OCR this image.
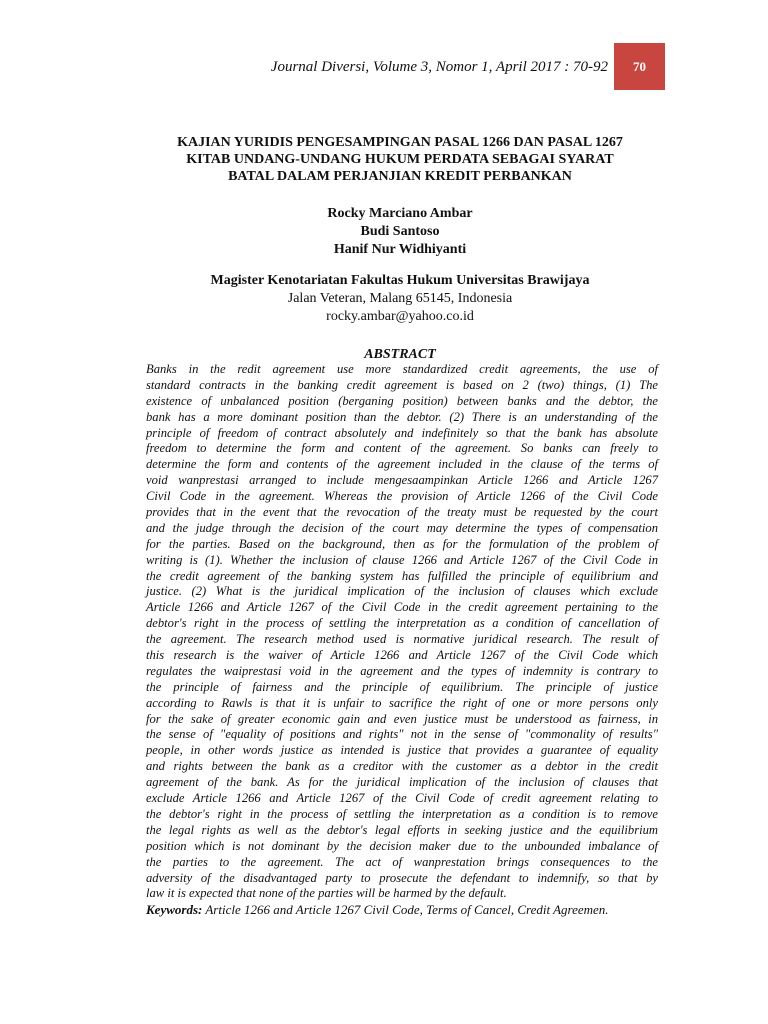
Journal Diversi, Volume 3, Nomor 1, April 2017 : 70-92 70
KAJIAN YURIDIS PENGESAMPINGAN PASAL 1266 DAN PASAL 1267
KITAB UNDANG-UNDANG HUKUM PERDATA SEBAGAI SYARAT
BATAL DALAM PERJANJIAN KREDIT PERBANKAN
Rocky Marciano Ambar
Budi Santoso
Hanif Nur Widhiyanti
Magister Kenotariatan Fakultas Hukum Universitas Brawijaya
Jalan Veteran, Malang 65145, Indonesia
rocky.ambar@yahoo.co.id
ABSTRACT
Banks in the redit agreement use more standardized credit agreements, the use of
standard contracts in the banking credit agreement is based on 2 (two) things, (1) The
existence of unbalanced position (berganing position) between banks and the debtor, the
bank has a more dominant position than the debtor. (2) There is an understanding of the
principle of freedom of contract absolutely and indefinitely so that the bank has absolute
freedom to determine the form and content of the agreement. So banks can freely to
determine the form and contents of the agreement included in the clause of the terms of
void wanprestasi arranged to include mengesaampinkan Article 1266 and Article 1267
Civil Code in the agreement. Whereas the provision of Article 1266 of the Civil Code
provides that in the event that the revocation of the treaty must be requested by the court
and the judge through the decision of the court may determine the types of compensation
for the parties. Based on the background, then as for the formulation of the problem of
writing is (1). Whether the inclusion of clause 1266 and Article 1267 of the Civil Code in
the credit agreement of the banking system has fulfilled the principle of equilibrium and
justice. (2) What is the juridical implication of the inclusion of clauses which exclude
Article 1266 and Article 1267 of the Civil Code in the credit agreement pertaining to the
debtor's right in the process of settling the interpretation as a condition of cancellation of
the agreement. The research method used is normative juridical research. The result of
this research is the waiver of Article 1266 and Article 1267 of the Civil Code which
regulates the waiprestasi void in the agreement and the types of indemnity is contrary to
the principle of fairness and the principle of equilibrium. The principle of justice
according to Rawls is that it is unfair to sacrifice the right of one or more persons only
for the sake of greater economic gain and even justice must be understood as fairness, in
the sense of "equality of positions and rights" not in the sense of "commonality of results"
people, in other words justice as intended is justice that provides a guarantee of equality
and rights between the bank as a creditor with the customer as a debtor in the credit
agreement of the bank. As for the juridical implication of the inclusion of clauses that
exclude Article 1266 and Article 1267 of the Civil Code of credit agreement relating to
the debtor's right in the process of settling the interpretation as a condition is to remove
the legal rights as well as the debtor's legal efforts in seeking justice and the equilibrium
position which is not dominant by the decision maker due to the unbounded imbalance of
the parties to the agreement. The act of wanprestation brings consequences to the
adversity of the disadvantaged party to prosecute the defendant to indemnify, so that by
law it is expected that none of the parties will be harmed by the default.
Keywords: Article 1266 and Article 1267 Civil Code, Terms of Cancel, Credit Agreemen.
